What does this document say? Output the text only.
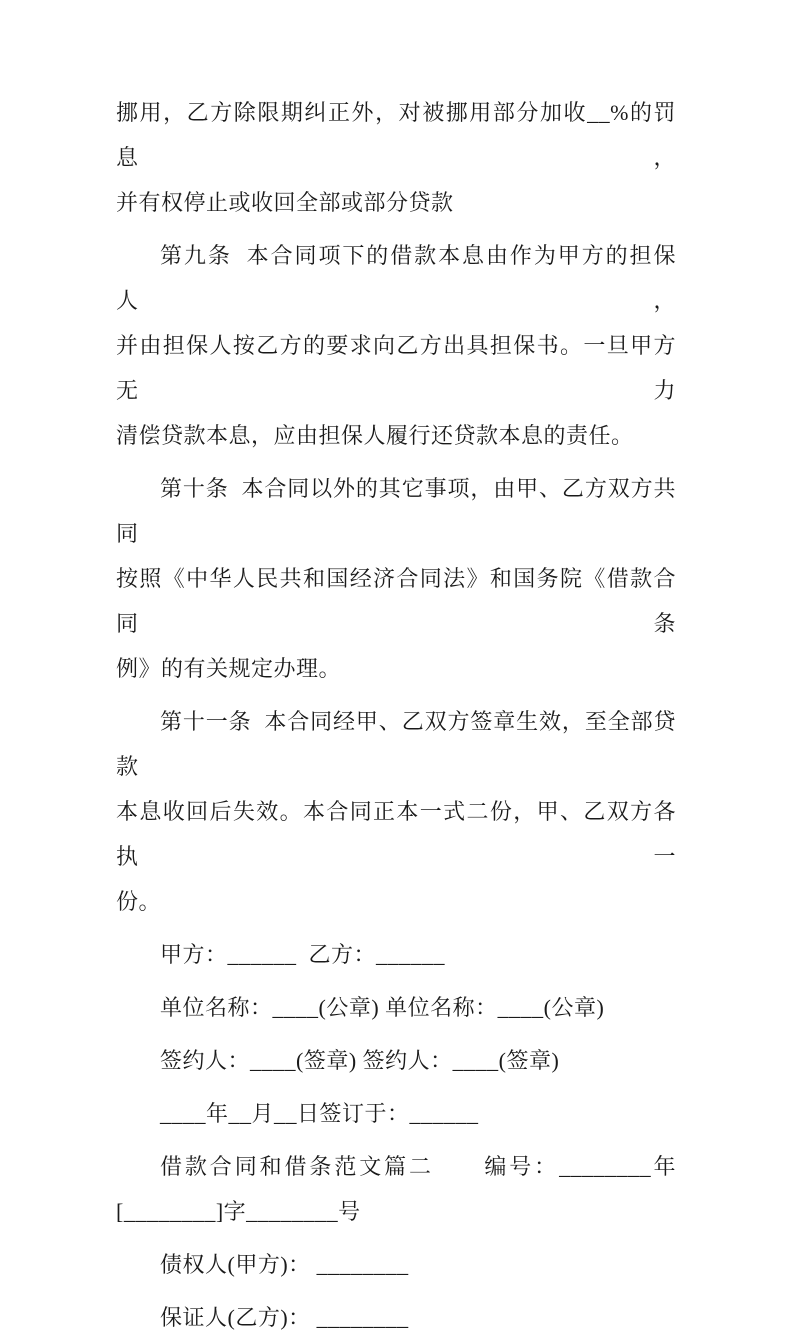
挪用，乙方除限期纠正外，对被挪用部分加收__%的罚息，
并有权停止或收回全部或部分贷款
第九条  本合同项下的借款本息由作为甲方的担保人，
并由担保人按乙方的要求向乙方出具担保书。一旦甲方无力
清偿贷款本息，应由担保人履行还贷款本息的责任。
第十条  本合同以外的其它事项，由甲、乙方双方共同
按照《中华人民共和国经济合同法》和国务院《借款合同条
例》的有关规定办理。
第十一条  本合同经甲、乙双方签章生效，至全部贷款
本息收回后失效。本合同正本一式二份，甲、乙双方各执一
份。
甲方：______  乙方：______
单位名称：____(公章) 单位名称：____(公章)
签约人：____(签章) 签约人：____(签章)
____年__月__日签订于：______
借款合同和借条范文篇二      编号：________年
[________]字________号
债权人(甲方)： ________
保证人(乙方)： ________
